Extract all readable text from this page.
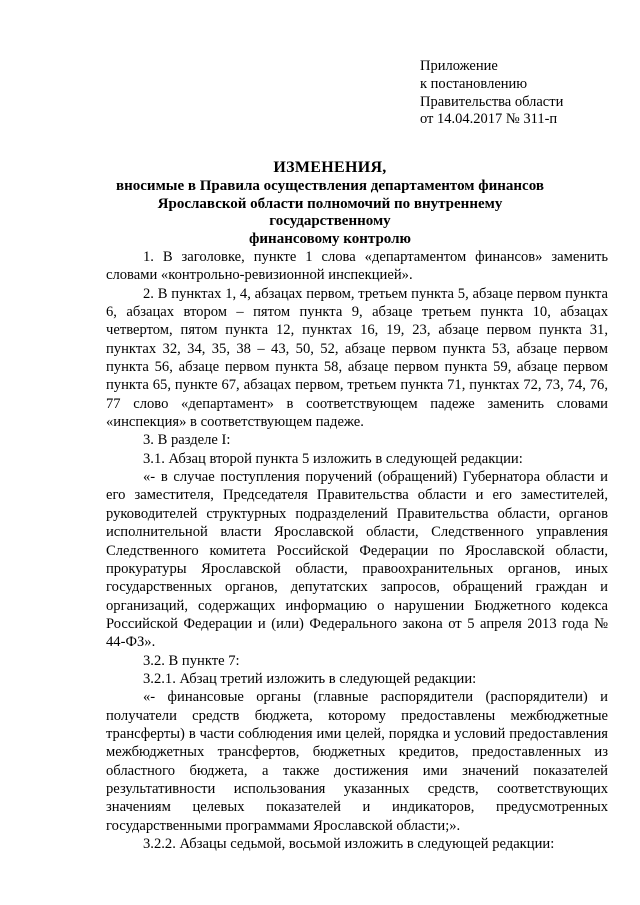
Приложение
к постановлению
Правительства области
от 14.04.2017 № 311-п
ИЗМЕНЕНИЯ,
вносимые в Правила осуществления департаментом финансов
Ярославской области полномочий по внутреннему государственному
финансовому контролю

1. В заголовке, пункте 1 слова «департаментом финансов» заменить словами «контрольно-ревизионной инспекцией».

2. В пунктах 1, 4, абзацах первом, третьем пункта 5, абзаце первом пункта 6, абзацах втором – пятом пункта 9, абзаце третьем пункта 10, абзацах четвертом, пятом пункта 12, пунктах 16, 19, 23, абзаце первом пункта 31, пунктах 32, 34, 35, 38 – 43, 50, 52, абзаце первом пункта 53, абзаце первом пункта 56, абзаце первом пункта 58, абзаце первом пункта 59, абзаце первом пункта 65, пункте 67, абзацах первом, третьем пункта 71, пунктах 72, 73, 74, 76, 77 слово «департамент» в соответствующем падеже заменить словами «инспекция» в соответствующем падеже.

3. В разделе I:

3.1. Абзац второй пункта 5 изложить в следующей редакции:

«- в случае поступления поручений (обращений) Губернатора области и его заместителя, Председателя Правительства области и его заместителей, руководителей структурных подразделений Правительства области, органов исполнительной власти Ярославской области, Следственного управления Следственного комитета Российской Федерации по Ярославской области, прокуратуры Ярославской области, правоохранительных органов, иных государственных органов, депутатских запросов, обращений граждан и организаций, содержащих информацию о нарушении Бюджетного кодекса Российской Федерации и (или) Федерального закона от 5 апреля 2013 года № 44-ФЗ».

3.2. В пункте 7:

3.2.1. Абзац третий изложить в следующей редакции:

«- финансовые органы (главные распорядители (распорядители) и получатели средств бюджета, которому предоставлены межбюджетные трансферты) в части соблюдения ими целей, порядка и условий предоставления межбюджетных трансфертов, бюджетных кредитов, предоставленных из областного бюджета, а также достижения ими значений показателей результативности использования указанных средств, соответствующих значениям целевых показателей и индикаторов, предусмотренных государственными программами Ярославской области;».

3.2.2. Абзацы седьмой, восьмой изложить в следующей редакции:
